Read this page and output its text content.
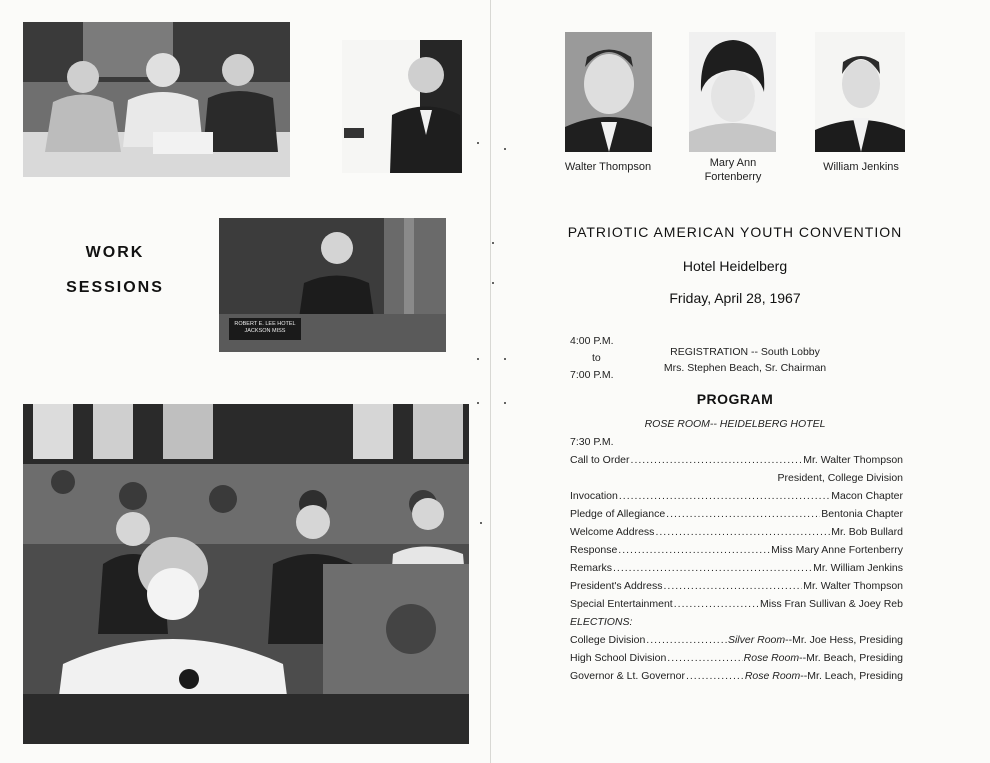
WORK
SESSIONS
ROBERT E. LEE HOTEL
JACKSON MISS
Walter Thompson	Mary Ann
Fortenberry
William Jenkins
PATRIOTIC AMERICAN YOUTH CONVENTION
Hotel Heidelberg
Friday, April 28, 1967
4:00 P.M.
to
7:00 P.M.
REGISTRATION -- South Lobby
Mrs. Stephen Beach, Sr. Chairman
PROGRAM
ROSE ROOM-- HEIDELBERG HOTEL
7:30 P.M.
Call to Order .....	Mr. Walter Thompson
President, College Division
Invocation .....	Macon Chapter
Pledge of Allegiance .....	Bentonia Chapter
Welcome Address .....	Mr. Bob Bullard
Response .....	Miss Mary Anne Fortenberry
Remarks .....	Mr. William Jenkins
President's Address .....	Mr. Walter Thompson
Special Entertainment .....	Miss Fran Sullivan & Joey Reb
ELECTIONS:
College Division .....	Silver Room --Mr. Joe Hess, Presiding
High School Division .....	Rose Room --Mr. Beach, Presiding
Governor & Lt. Governor .....	Rose Room --Mr. Leach, Presiding
